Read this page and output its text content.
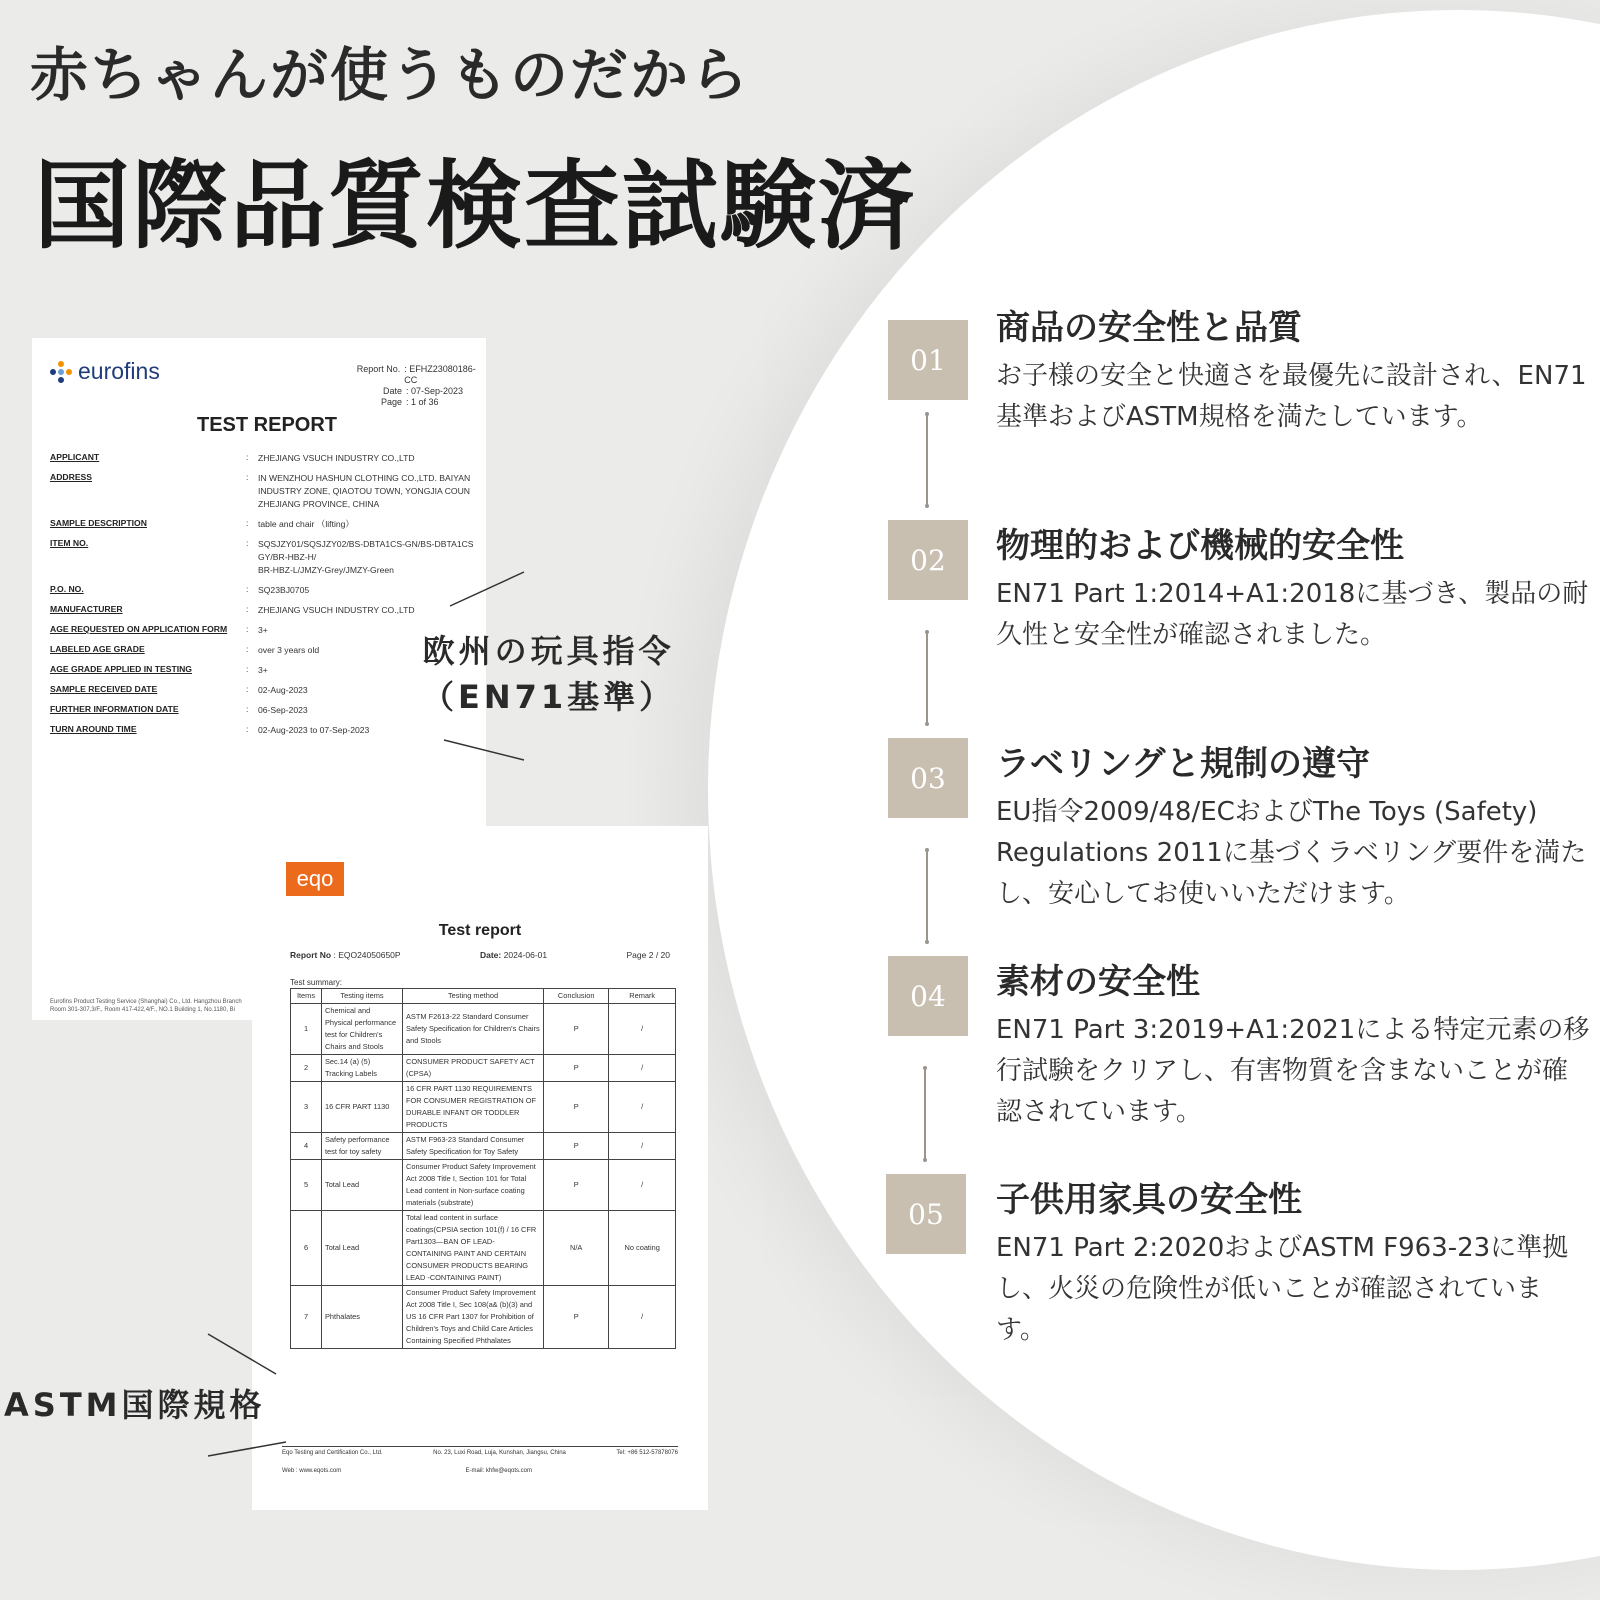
赤ちゃんが使うものだから
国際品質検査試験済
eurofins	Report No. : EFHZ23080186-CC
Date : 07-Sep-2023
Page : 1 of 36
TEST REPORT
APPLICANT	:	ZHEJIANG VSUCH INDUSTRY CO.,LTD
ADDRESS	:	IN WENZHOU HASHUN CLOTHING CO.,LTD. BAIYAN
INDUSTRY ZONE, QIAOTOU TOWN, YONGJIA COUN
ZHEJIANG PROVINCE, CHINA
SAMPLE DESCRIPTION	:	table and chair （lifting）
ITEM NO.	:	SQSJZY01/SQSJZY02/BS-DBTA1CS-GN/BS-DBTA1CS
GY/BR-HBZ-H/
BR-HBZ-L/JMZY-Grey/JMZY-Green
P.O. NO.	:	SQ23BJ0705
MANUFACTURER	:	ZHEJIANG VSUCH INDUSTRY CO.,LTD
AGE REQUESTED ON APPLICATION FORM	:	3+
LABELED AGE GRADE	:	over 3 years old
AGE GRADE APPLIED IN TESTING	:	3+
SAMPLE RECEIVED DATE	:	02-Aug-2023
FURTHER INFORMATION DATE	:	06-Sep-2023
TURN AROUND TIME	:	02-Aug-2023 to 07-Sep-2023
Eurofins Product Testing Service (Shanghai) Co., Ltd. Hangzhou Branch
Room 301-307,3/F., Room 417-422,4/F., NO.1 Building 1, No.1180, Bi
eqo
Test report
Report No : EQO24050650P	Date: 2024-06-01	Page 2 / 20
Test summary:
Items	Testing items	Testing method	Conclusion	Remark
1	Chemical and Physical performance test for Children's Chairs and Stools	ASTM F2613-22 Standard Consumer Safety Specification for Children's Chairs and Stools	P	/
2	Sec.14 (a) (5) Tracking Labels	CONSUMER PRODUCT SAFETY ACT (CPSA)	P	/
3	16 CFR PART 1130	16 CFR PART 1130 REQUIREMENTS FOR CONSUMER REGISTRATION OF DURABLE INFANT OR TODDLER PRODUCTS	P	/
4	Safety performance test for toy safety	ASTM F963-23 Standard Consumer Safety Specification for Toy Safety	P	/
5	Total Lead	Consumer Product Safety Improvement Act 2008 Title I, Section 101 for Total Lead content in Non-surface coating materials (substrate)	P	/
6	Total Lead	Total lead content in surface coatings(CPSIA section 101(f) / 16 CFR Part1303—BAN OF LEAD-CONTAINING PAINT AND CERTAIN CONSUMER PRODUCTS BEARING LEAD -CONTAINING PAINT)	N/A	No coating
7	Phthalates	Consumer Product Safety Improvement Act 2008 Title I, Sec 108(a& (b)(3) and US 16 CFR Part 1307 for Prohibition of Children's Toys and Child Care Articles Containing Specified Phthalates	P	/
Eqo Testing and Certification Co., Ltd.	No. 23, Luxi Road, Luja, Kunshan, Jiangsu, China	Tel: +86 512-57878076
Web : www.eqots.com	E-mail: khfw@eqots.com
欧州の玩具指令
（EN71基準）
ASTM国際規格
01
商品の安全性と品質
お子様の安全と快適さを最優先に設計され、EN71基準およびASTM規格を満たしています。
02	物理的および機械的安全性
EN71 Part 1:2014+A1:2018に基づき、製品の耐久性と安全性が確認されました。
03	ラベリングと規制の遵守
EU指令2009/48/ECおよびThe Toys (Safety) Regulations 2011に基づくラベリング要件を満たし、安心してお使いいただけます。
04	素材の安全性
EN71 Part 3:2019+A1:2021による特定元素の移行試験をクリアし、有害物質を含まないことが確認されています。
05	子供用家具の安全性
EN71 Part 2:2020およびASTM F963-23に準拠し、火災の危険性が低いことが確認されています。
